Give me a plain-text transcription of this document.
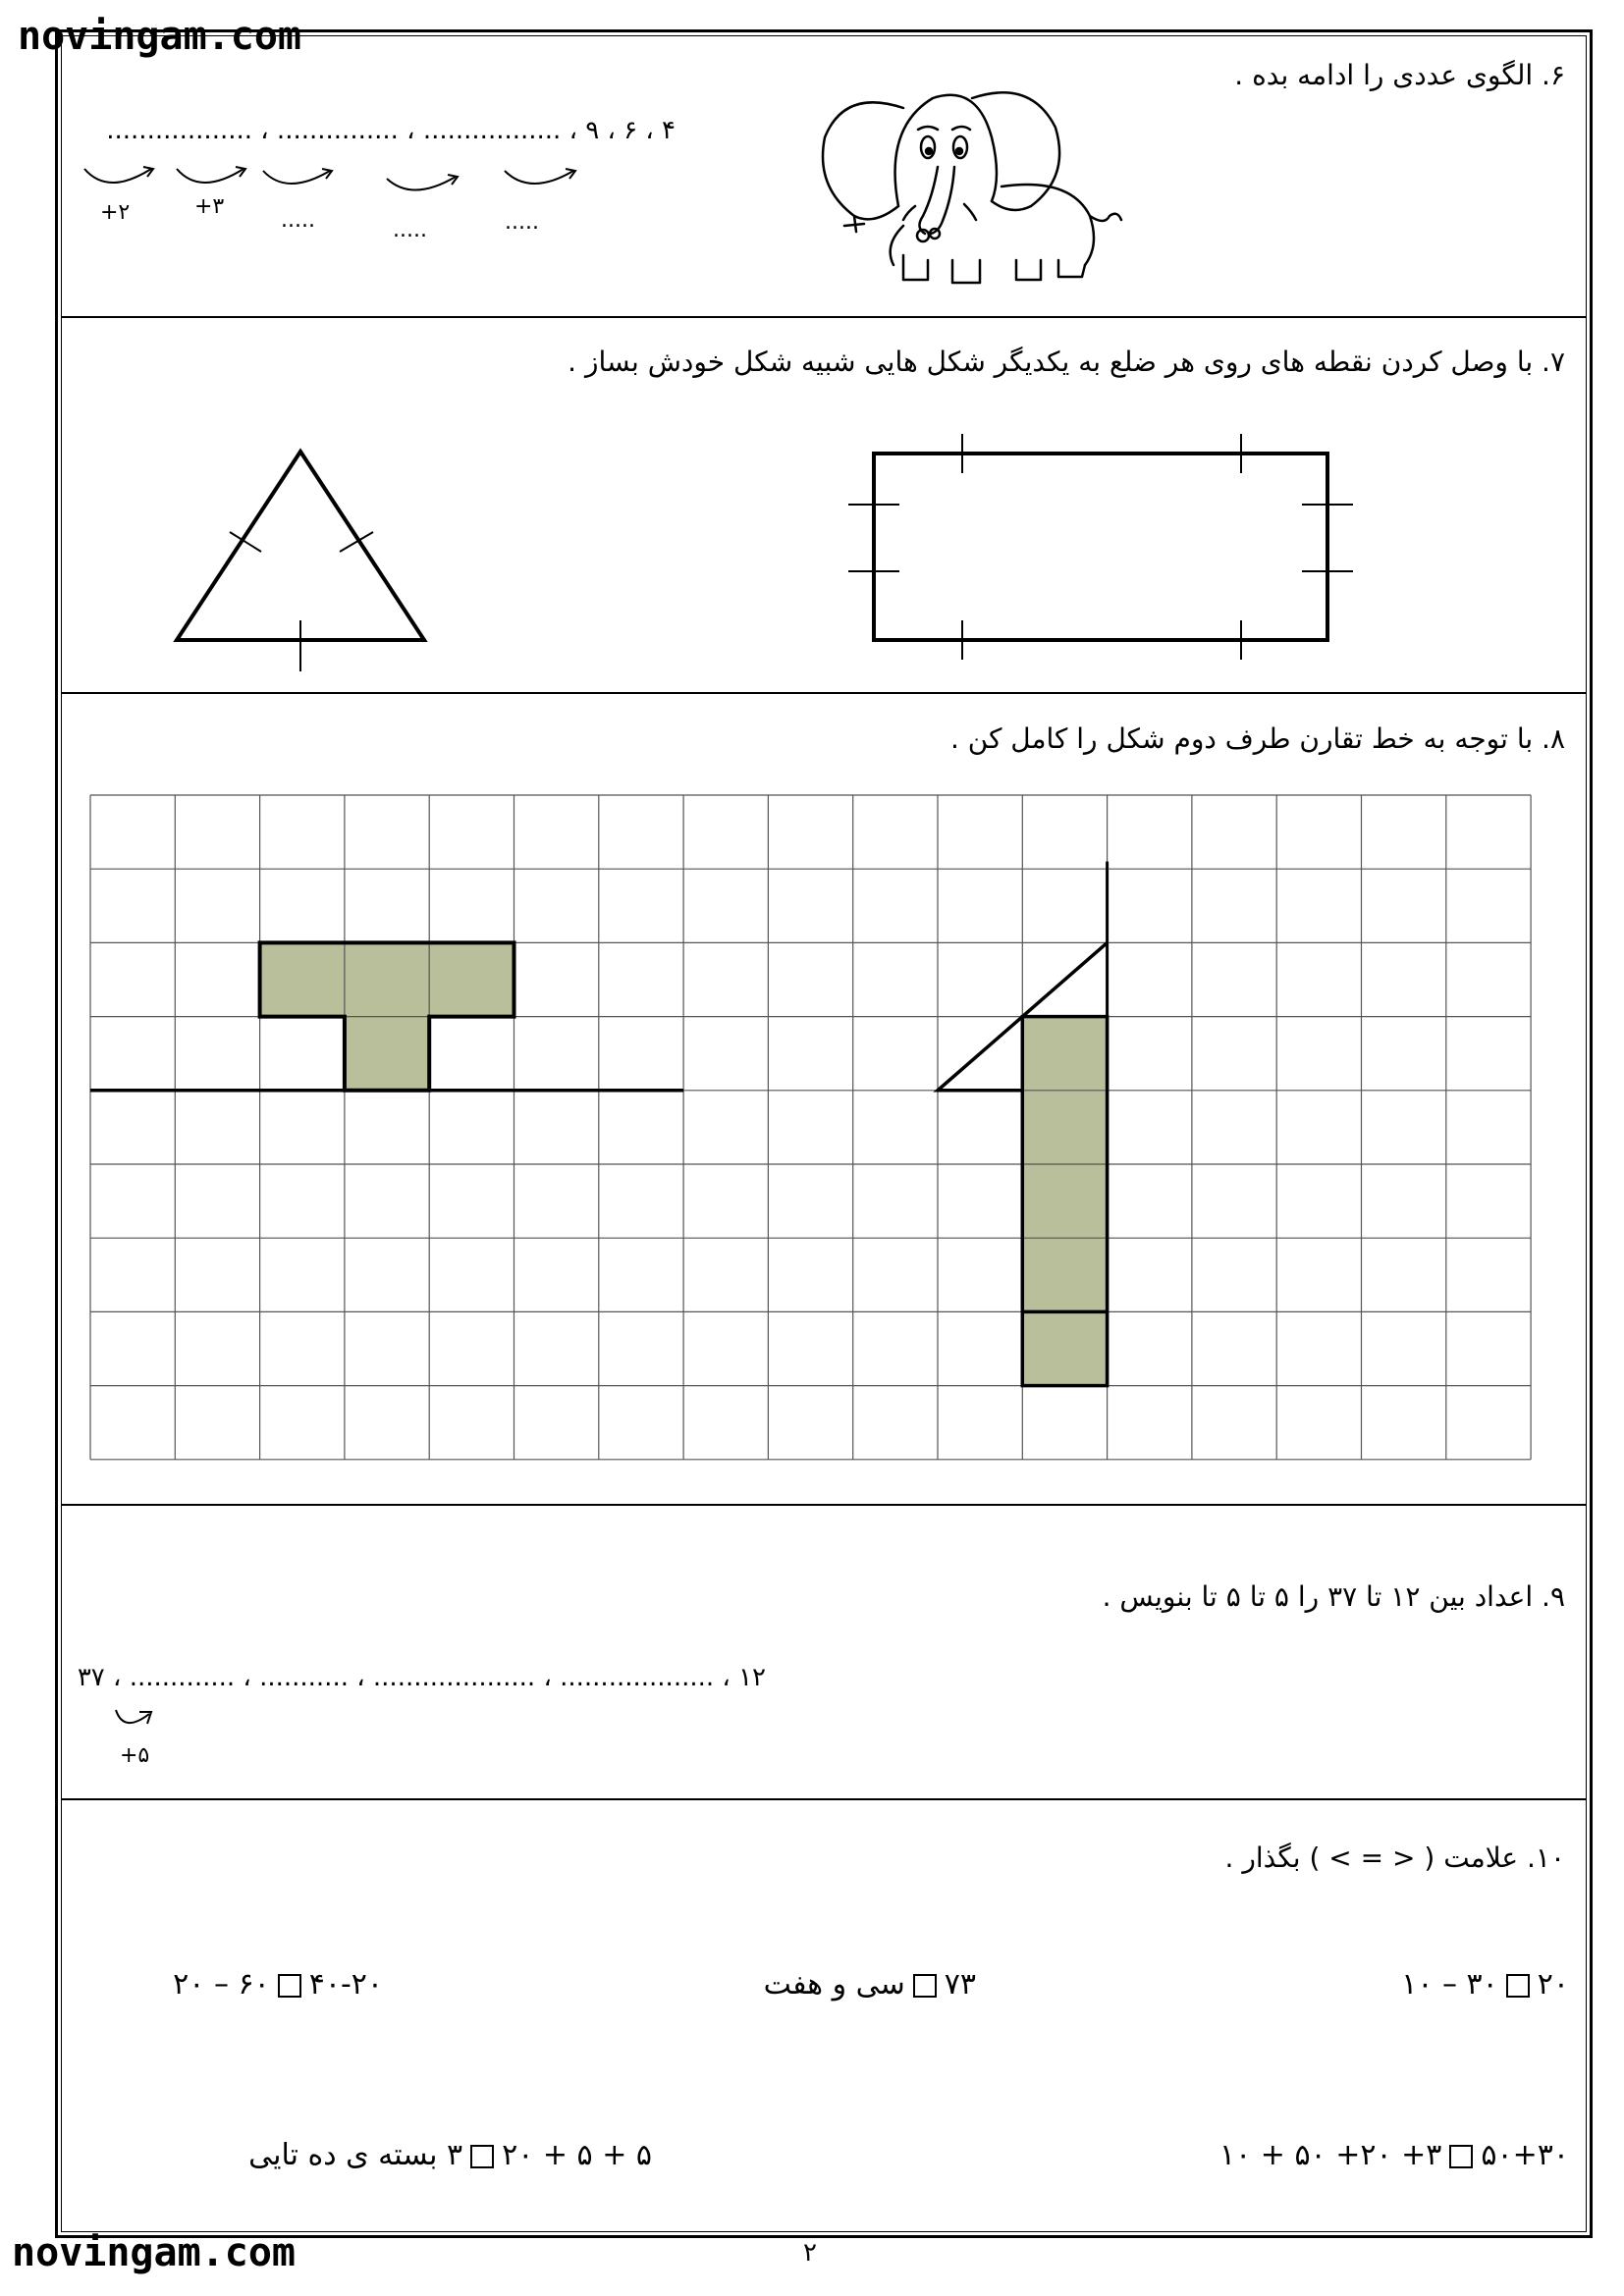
novingam.com
novingam.com
۶. الگوی عددی را ادامه بده .
۴ ، ۶ ، ۹ ، ................. ، ............... ، ..................
+۲	+۳
.....	.....	.....
۷. با وصل کردن نقطه های روی هر ضلع به یکدیگر شکل هایی شبیه شکل خودش بساز .
۸. با توجه به خط تقارن طرف دوم شکل را کامل کن .
۹. اعداد بین ۱۲ تا ۳۷ را ۵ تا ۵ تا بنویس .
۱۲ ، ................... ، .................... ، ........... ، ............. ، ۳۷
+۵
۱۰. علامت ( < = > ) بگذار .
۲۰۳۰ – ۱۰
۷۳سی و هفت
۴۰-۲۰۶۰ – ۲۰
۵۰+۳۰۳+ ۲۰+ ۵۰ + ۱۰
۵ + ۵ + ۲۰۳ بسته ی ده تایی
۲
